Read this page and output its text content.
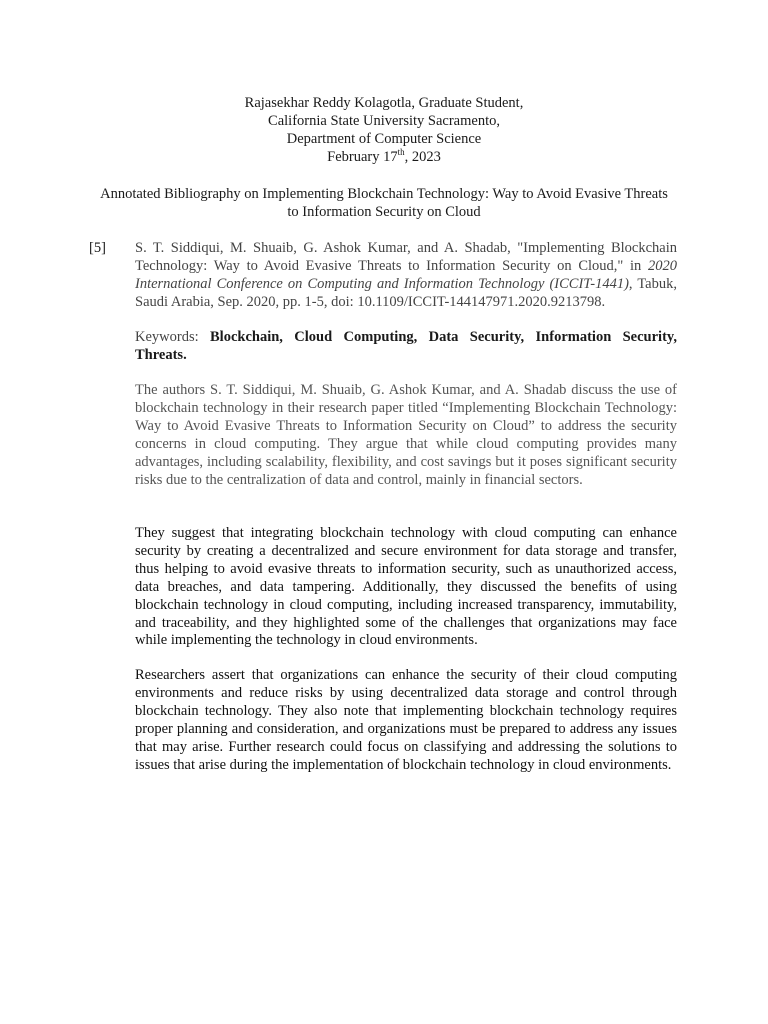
Rajasekhar Reddy Kolagotla, Graduate Student,
California State University Sacramento,
Department of Computer Science
February 17th, 2023
Annotated Bibliography on Implementing Blockchain Technology: Way to Avoid Evasive Threats to Information Security on Cloud
[5] S. T. Siddiqui, M. Shuaib, G. Ashok Kumar, and A. Shadab, "Implementing Blockchain Technology: Way to Avoid Evasive Threats to Information Security on Cloud," in 2020 International Conference on Computing and Information Technology (ICCIT-1441), Tabuk, Saudi Arabia, Sep. 2020, pp. 1-5, doi: 10.1109/ICCIT-144147971.2020.9213798.
Keywords: Blockchain, Cloud Computing, Data Security, Information Security, Threats.

The authors S. T. Siddiqui, M. Shuaib, G. Ashok Kumar, and A. Shadab discuss the use of blockchain technology in their research paper titled “Implementing Blockchain Technology: Way to Avoid Evasive Threats to Information Security on Cloud” to address the security concerns in cloud computing. They argue that while cloud computing provides many advantages, including scalability, flexibility, and cost savings but it poses significant security risks due to the centralization of data and control, mainly in financial sectors.

They suggest that integrating blockchain technology with cloud computing can enhance security by creating a decentralized and secure environment for data storage and transfer, thus helping to avoid evasive threats to information security, such as unauthorized access, data breaches, and data tampering. Additionally, they discussed the benefits of using blockchain technology in cloud computing, including increased transparency, immutability, and traceability, and they highlighted some of the challenges that organizations may face while implementing the technology in cloud environments.

Researchers assert that organizations can enhance the security of their cloud computing environments and reduce risks by using decentralized data storage and control through blockchain technology. They also note that implementing blockchain technology requires proper planning and consideration, and organizations must be prepared to address any issues that may arise. Further research could focus on classifying and addressing the solutions to issues that arise during the implementation of blockchain technology in cloud environments.
